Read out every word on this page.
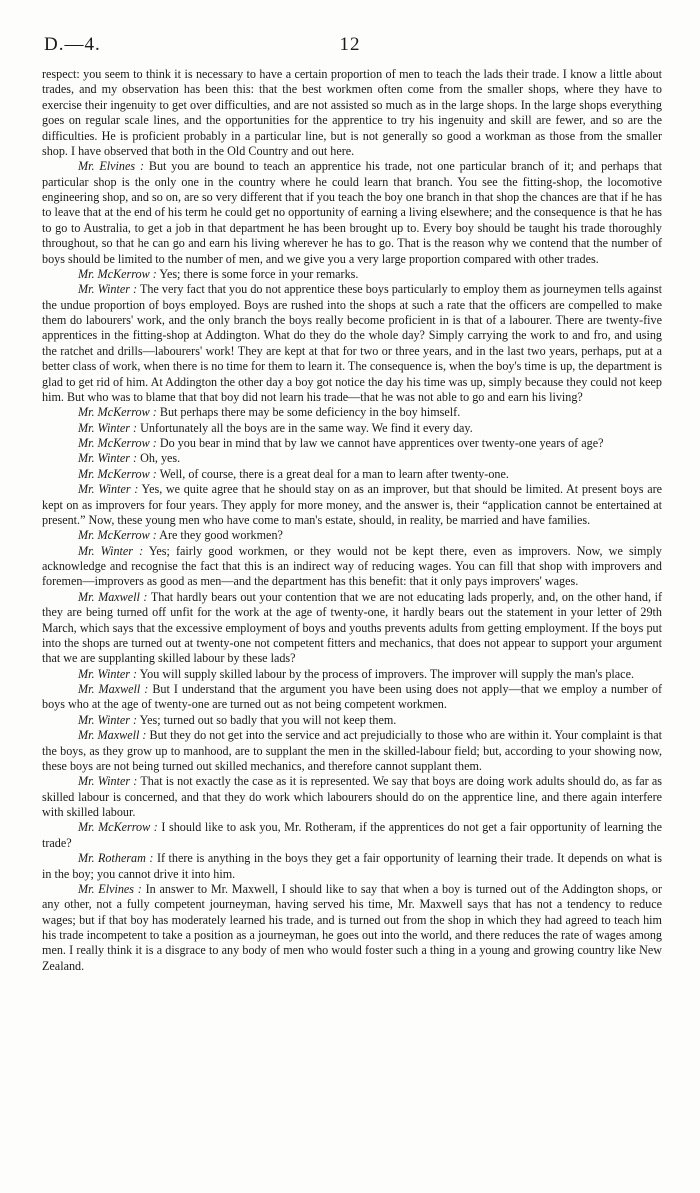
D.—4.	12

respect: you seem to think it is necessary to have a certain proportion of men to teach the lads their trade. I know a little about trades, and my observation has been this: that the best workmen often come from the smaller shops, where they have to exercise their ingenuity to get over difficulties, and are not assisted so much as in the large shops. In the large shops everything goes on regular scale lines, and the opportunities for the apprentice to try his ingenuity and skill are fewer, and so are the difficulties. He is proficient probably in a particular line, but is not generally so good a workman as those from the smaller shop. I have observed that both in the Old Country and out here.

Mr. Elvines : But you are bound to teach an apprentice his trade, not one particular branch of it; and perhaps that particular shop is the only one in the country where he could learn that branch. You see the fitting-shop, the locomotive engineering shop, and so on, are so very different that if you teach the boy one branch in that shop the chances are that if he has to leave that at the end of his term he could get no opportunity of earning a living elsewhere; and the consequence is that he has to go to Australia, to get a job in that department he has been brought up to. Every boy should be taught his trade thoroughly throughout, so that he can go and earn his living wherever he has to go. That is the reason why we contend that the number of boys should be limited to the number of men, and we give you a very large proportion compared with other trades.

Mr. McKerrow : Yes; there is some force in your remarks.

Mr. Winter : The very fact that you do not apprentice these boys particularly to employ them as journeymen tells against the undue proportion of boys employed. Boys are rushed into the shops at such a rate that the officers are compelled to make them do labourers' work, and the only branch the boys really become proficient in is that of a labourer. There are twenty-five apprentices in the fitting-shop at Addington. What do they do the whole day? Simply carrying the work to and fro, and using the ratchet and drills—labourers' work! They are kept at that for two or three years, and in the last two years, perhaps, put at a better class of work, when there is no time for them to learn it. The consequence is, when the boy's time is up, the department is glad to get rid of him. At Addington the other day a boy got notice the day his time was up, simply because they could not keep him. But who was to blame that that boy did not learn his trade—that he was not able to go and earn his living?

Mr. McKerrow : But perhaps there may be some deficiency in the boy himself.

Mr. Winter : Unfortunately all the boys are in the same way. We find it every day.

Mr. McKerrow : Do you bear in mind that by law we cannot have apprentices over twenty-one years of age?

Mr. Winter : Oh, yes.

Mr. McKerrow : Well, of course, there is a great deal for a man to learn after twenty-one.

Mr. Winter : Yes, we quite agree that he should stay on as an improver, but that should be limited. At present boys are kept on as improvers for four years. They apply for more money, and the answer is, their “application cannot be entertained at present.” Now, these young men who have come to man's estate, should, in reality, be married and have families.

Mr. McKerrow : Are they good workmen?

Mr. Winter : Yes; fairly good workmen, or they would not be kept there, even as improvers. Now, we simply acknowledge and recognise the fact that this is an indirect way of reducing wages. You can fill that shop with improvers and foremen—improvers as good as men—and the department has this benefit: that it only pays improvers' wages.

Mr. Maxwell : That hardly bears out your contention that we are not educating lads properly, and, on the other hand, if they are being turned off unfit for the work at the age of twenty-one, it hardly bears out the statement in your letter of 29th March, which says that the excessive employment of boys and youths prevents adults from getting employment. If the boys put into the shops are turned out at twenty-one not competent fitters and mechanics, that does not appear to support your argument that we are supplanting skilled labour by these lads?

Mr. Winter : You will supply skilled labour by the process of improvers. The improver will supply the man's place.

Mr. Maxwell : But I understand that the argument you have been using does not apply—that we employ a number of boys who at the age of twenty-one are turned out as not being competent workmen.

Mr. Winter : Yes; turned out so badly that you will not keep them.

Mr. Maxwell : But they do not get into the service and act prejudicially to those who are within it. Your complaint is that the boys, as they grow up to manhood, are to supplant the men in the skilled-labour field; but, according to your showing now, these boys are not being turned out skilled mechanics, and therefore cannot supplant them.

Mr. Winter : That is not exactly the case as it is represented. We say that boys are doing work adults should do, as far as skilled labour is concerned, and that they do work which labourers should do on the apprentice line, and there again interfere with skilled labour.

Mr. McKerrow : I should like to ask you, Mr. Rotheram, if the apprentices do not get a fair opportunity of learning the trade?

Mr. Rotheram : If there is anything in the boys they get a fair opportunity of learning their trade. It depends on what is in the boy; you cannot drive it into him.

Mr. Elvines : In answer to Mr. Maxwell, I should like to say that when a boy is turned out of the Addington shops, or any other, not a fully competent journeyman, having served his time, Mr. Maxwell says that has not a tendency to reduce wages; but if that boy has moderately learned his trade, and is turned out from the shop in which they had agreed to teach him his trade incompetent to take a position as a journeyman, he goes out into the world, and there reduces the rate of wages among men. I really think it is a disgrace to any body of men who would foster such a thing in a young and growing country like New Zealand.
